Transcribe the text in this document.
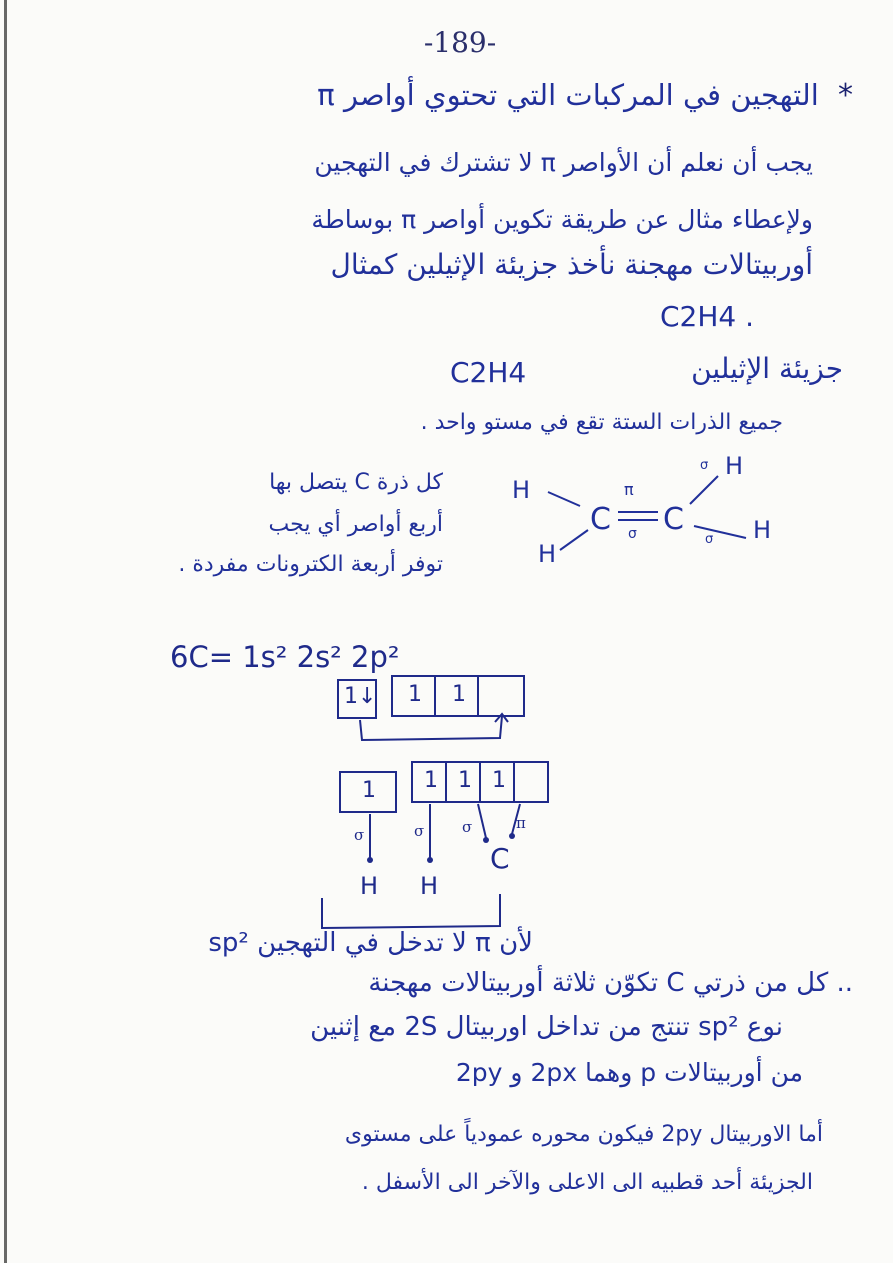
-189-
* التهجين في المركبات التي تحتوي أواصر π
يجب أن نعلم أن الأواصر π لا تشترك في التهجين
ولإعطاء مثال عن طريقة تكوين أواصر π بوساطة
أوربيتالات مهجنة نأخذ جزيئة الإثيلين كمثال
C2H4 .
جزيئة الإثيلين
C2H4
جميع الذرات الستة تقع في مستو واحد .
كل ذرة C يتصل بها
أربع أواصر أي يجب
توفر أربعة الكترونات مفردة .
H
H
C C
π
σ
H
H
σ
σ
6C= 1s² 2s² 2p²
1↓ 1 1
1 1 1 1
σ	σ	σ	π
H H
C
.. كل من ذرتي C تكوّن ثلاثة أوربيتالات مهجنة
لأن π لا تدخل في التهجين sp²
نوع sp² تنتج من تداخل اوربيتال 2S مع إثنين
من أوربيتالات p وهما 2px و 2py
أما الاوربيتال 2py فيكون محوره عمودياً على مستوى
الجزيئة أحد قطبيه الى الاعلى والآخر الى الأسفل .
